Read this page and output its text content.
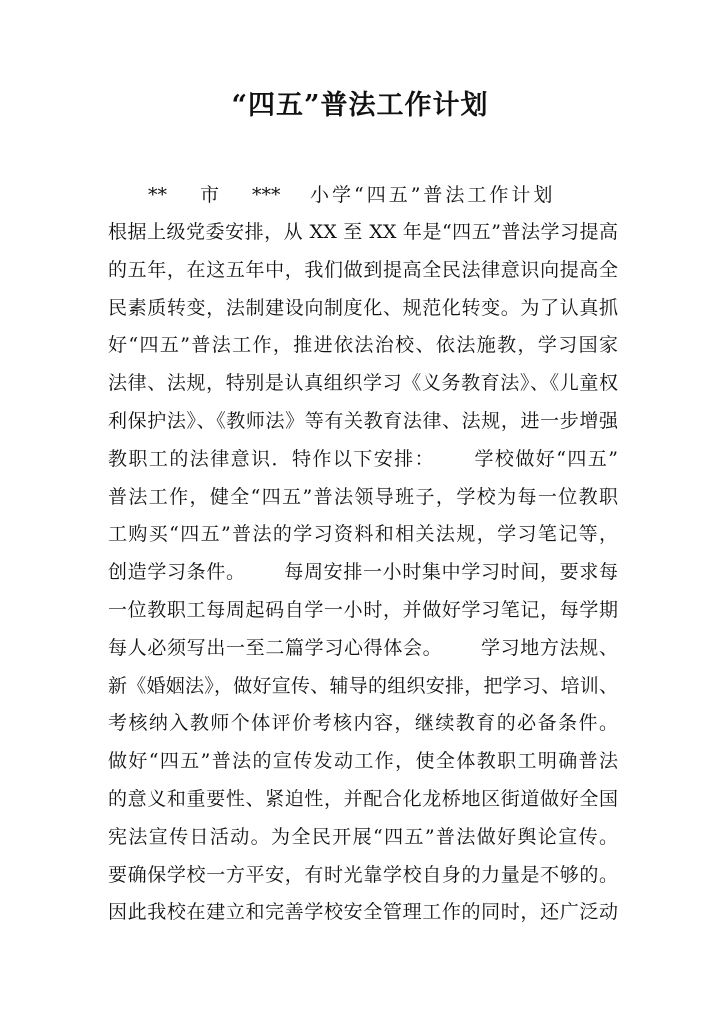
“四五”普法工作计划
** 市 *** 小学“四五”普法工作计划
根据上级党委安排，从 XX 至 XX 年是“四五”普法学习提高
的五年，在这五年中，我们做到提高全民法律意识向提高全
民素质转变，法制建设向制度化、规范化转变。为了认真抓
好“四五”普法工作，推进依法治校、依法施教，学习国家
法律、法规，特别是认真组织学习《义务教育法》、《儿童权
利保护法》、《教师法》等有关教育法律、法规，进一步增强
教职工的法律意识．特作以下安排： 学校做好“四五”
普法工作，健全“四五”普法领导班子，学校为每一位教职
工购买“四五”普法的学习资料和相关法规，学习笔记等，
创造学习条件。 每周安排一小时集中学习时间，要求每
一位教职工每周起码自学一小时，并做好学习笔记，每学期
每人必须写出一至二篇学习心得体会。 学习地方法规、
新《婚姻法》，做好宣传、辅导的组织安排，把学习、培训、
考核纳入教师个体评价考核内容，继续教育的必备条件。
做好“四五”普法的宣传发动工作，使全体教职工明确普法
的意义和重要性、紧迫性，并配合化龙桥地区街道做好全国
宪法宣传日活动。为全民开展“四五”普法做好舆论宣传。
要确保学校一方平安，有时光靠学校自身的力量是不够的。
因此我校在建立和完善学校安全管理工作的同时，还广泛动
